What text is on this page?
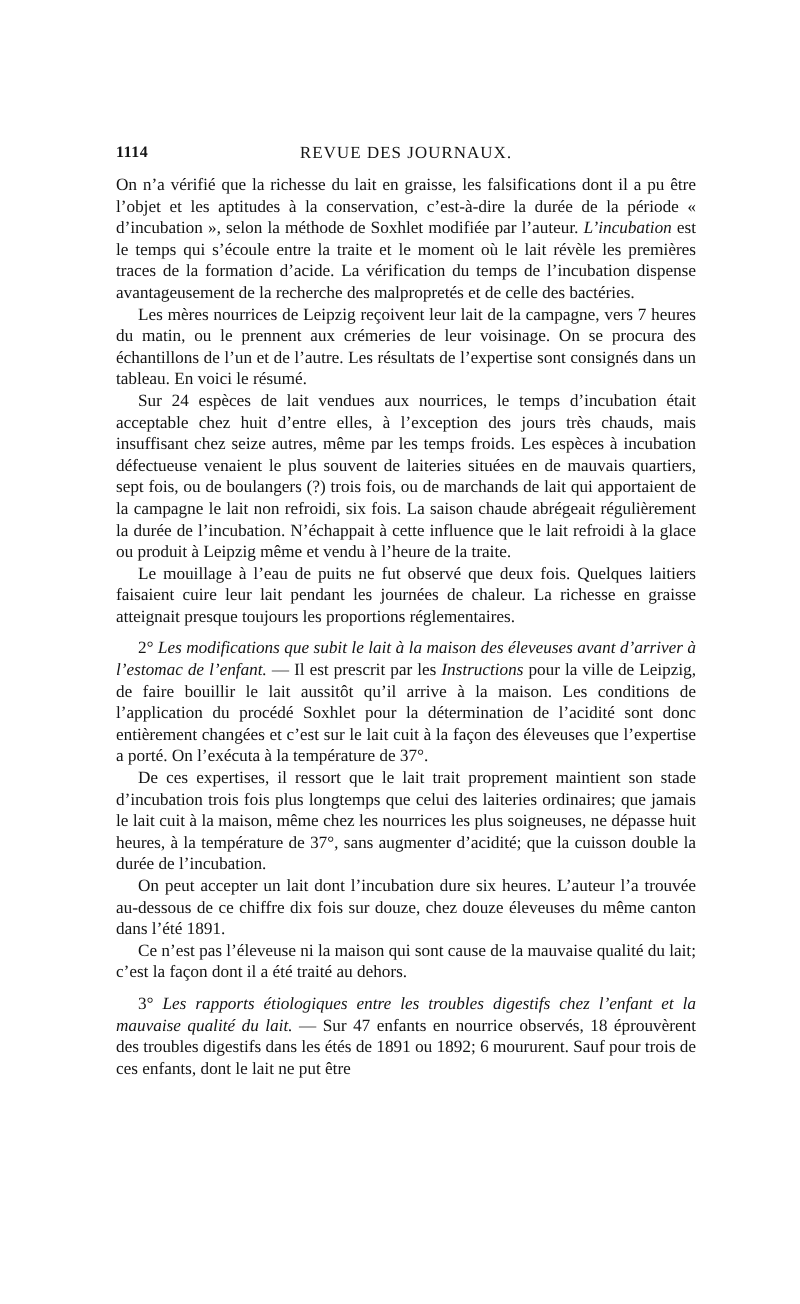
1114	REVUE DES JOURNAUX.

On n’a vérifié que la richesse du lait en graisse, les falsifications dont il a pu être l’objet et les aptitudes à la conservation, c’est-à-dire la durée de la période « d’incubation », selon la méthode de Soxhlet modifiée par l’auteur. L’incubation est le temps qui s’écoule entre la traite et le moment où le lait révèle les premières traces de la formation d’acide. La vérification du temps de l’incubation dispense avantageusement de la recherche des malpropretés et de celle des bactéries.

Les mères nourrices de Leipzig reçoivent leur lait de la campagne, vers 7 heures du matin, ou le prennent aux crémeries de leur voisinage. On se procura des échantillons de l’un et de l’autre. Les résultats de l’expertise sont consignés dans un tableau. En voici le résumé.

Sur 24 espèces de lait vendues aux nourrices, le temps d’incubation était acceptable chez huit d’entre elles, à l’exception des jours très chauds, mais insuffisant chez seize autres, même par les temps froids. Les espèces à incubation défectueuse venaient le plus souvent de laiteries situées en de mauvais quartiers, sept fois, ou de boulangers (?) trois fois, ou de marchands de lait qui apportaient de la campagne le lait non refroidi, six fois. La saison chaude abrégeait régulièrement la durée de l’incubation. N’échappait à cette influence que le lait refroidi à la glace ou produit à Leipzig même et vendu à l’heure de la traite.

Le mouillage à l’eau de puits ne fut observé que deux fois. Quelques laitiers faisaient cuire leur lait pendant les journées de chaleur. La richesse en graisse atteignait presque toujours les proportions réglementaires.

2° Les modifications que subit le lait à la maison des éleveuses avant d’arriver à l’estomac de l’enfant. — Il est prescrit par les Instructions pour la ville de Leipzig, de faire bouillir le lait aussitôt qu’il arrive à la maison. Les conditions de l’application du procédé Soxhlet pour la détermination de l’acidité sont donc entièrement changées et c’est sur le lait cuit à la façon des éleveuses que l’expertise a porté. On l’exécuta à la température de 37°.

De ces expertises, il ressort que le lait trait proprement maintient son stade d’incubation trois fois plus longtemps que celui des laiteries ordinaires; que jamais le lait cuit à la maison, même chez les nourrices les plus soigneuses, ne dépasse huit heures, à la température de 37°, sans augmenter d’acidité; que la cuisson double la durée de l’incubation.

On peut accepter un lait dont l’incubation dure six heures. L’auteur l’a trouvée au-dessous de ce chiffre dix fois sur douze, chez douze éleveuses du même canton dans l’été 1891.

Ce n’est pas l’éleveuse ni la maison qui sont cause de la mauvaise qualité du lait; c’est la façon dont il a été traité au dehors.

3° Les rapports étiologiques entre les troubles digestifs chez l’enfant et la mauvaise qualité du lait. — Sur 47 enfants en nourrice observés, 18 éprouvèrent des troubles digestifs dans les étés de 1891 ou 1892; 6 moururent. Sauf pour trois de ces enfants, dont le lait ne put être
